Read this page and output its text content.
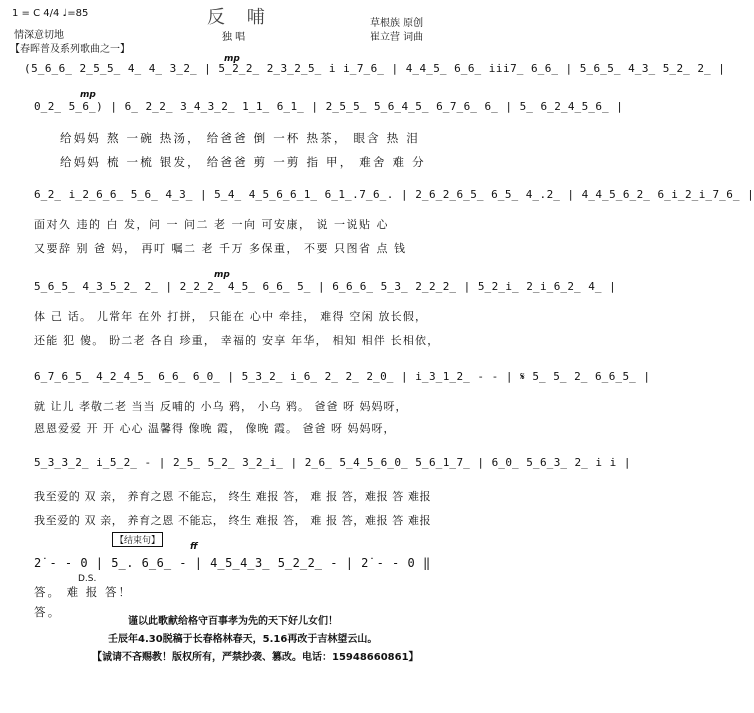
1 = C 4/4 ♩=85
情深意切地
【春晖普及系列歌曲之一】
反 哺
独 唱
草根族 原创
崔立营 词曲
(5̲6̲6̲ 2̲5̲5̲ 4̲ 4̲ 3̲2̲ | 5̲2̲2̲ 2̲3̲2̲5̲ i̇ i̲7̲6̲ | 4̲4̲5̲ 6̲6̲ i̇i̇i̇7̲ 6̲6̲ | 5̲6̲5̲ 4̲3̲ 5̲2̲ 2̲ |
mp
0̲2̲ 5̲6̲) | 6̲ 2̲2̲ 3̲4̲3̲2̲ 1̲1̲ 6̲1̲ | 2̲5̲5̲ 5̲6̲4̲5̲ 6̲7̲6̲ 6̲ | 5̲ 6̲2̲4̲5̲6̲ |
mp
给妈妈 熬 一碗 热汤， 给爸爸 倒 一杯 热茶， 眼含 热 泪
给妈妈 梳 一梳 银发， 给爸爸 剪 一剪 指 甲， 难舍 难 分
6̲2̲ i̲2̲6̲6̲ 5̲6̲ 4̲3̲ | 5̲4̲ 4̲5̲6̲6̲1̲ 6̲1̲.7̲6̲. | 2̲6̲2̲6̲5̲ 6̲5̲ 4̲.2̲ | 4̲4̲5̲6̲2̲ 6̲i̲2̲i̲7̲6̲ |
面对久 违的 白 发，问 一 问二 老 一向 可安康， 说 一说贴 心
又要辞 别 爸 妈， 再叮 嘱二 老 千万 多保重， 不要 只图省 点 钱
5̲6̲5̲ 4̲3̲5̲2̲ 2̲ | 2̲2̲2̲ 4̲5̲ 6̲6̲ 5̲ | 6̲6̲6̲ 5̲3̲ 2̲2̲2̲ | 5̲2̲i̲ 2̲i̲6̲2̲ 4̲ |
mp
体 己 话。 儿常年 在外 打拼， 只能在 心中 牵挂， 难得 空闲 放长假，
还能 犯 傻。 盼二老 各自 珍重， 幸福的 安享 年华， 相知 相伴 长相依，
6̲7̲6̲5̲ 4̲2̲4̲5̲ 6̲6̲ 6̲0̲ | 5̲3̲2̲ i̲6̲ 2̲ 2̲ 2̲0̲ | i̲3̲1̲2̲ - - | 𝄋 5̲ 5̲ 2̲ 6̲6̲5̲ |
就 让儿 孝敬二老 当当 反哺的 小乌 鸦， 小乌 鸦。 爸爸 呀 妈妈呀，
恩恩爱爱 开 开 心心 温馨得 像晚 霞， 像晚 霞。 爸爸 呀 妈妈呀，
5̲3̲3̲2̲ i̲5̲2̲ - | 2̲5̲ 5̲2̲ 3̲2̲i̲ | 2̲6̲ 5̲4̲5̲6̲0̲ 5̲6̲1̲7̲ | 6̲0̲ 5̲6̲3̲ 2̲ i̇ i̇ |
我至爱的 双 亲， 养育之恩 不能忘， 终生 难报 答， 难 报 答，难报 答 难报
我至爱的 双 亲， 养育之恩 不能忘， 终生 难报 答， 难 报 答，难报 答 难报
【结束句】
ff
2̇ - - 0 | 5̲. 6̲6̲ - | 4̲5̲4̲3̲ 5̲2̲2̲ - | 2̇ - - 0 ‖
D.S.
答。 难 报 答！
答。
谨以此歌献给格守百事孝为先的天下好儿女们！
壬辰年4.30脱稿于长春格林春天，5.16再改于吉林望云山。
【诚请不吝赐教！版权所有，严禁抄袭、篡改。电话：15948660861】
